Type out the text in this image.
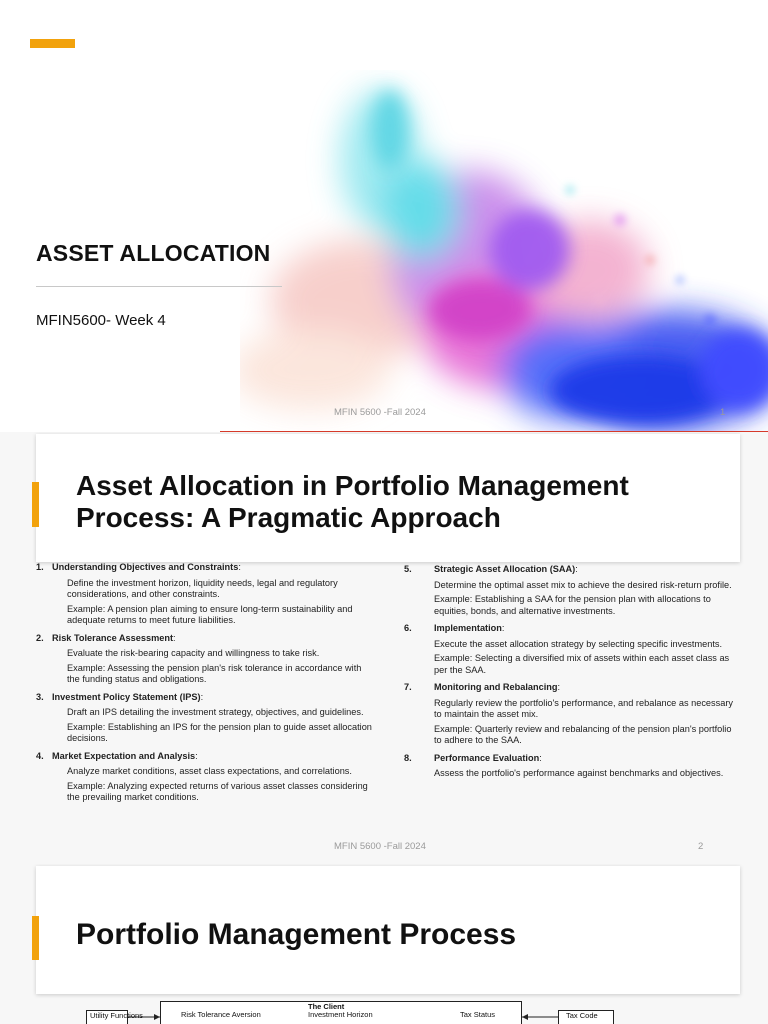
ASSET ALLOCATION
MFIN5600- Week 4
MFIN 5600 -Fall 2024	1
Asset Allocation in Portfolio Management Process: A Pragmatic Approach
1. Understanding Objectives and Constraints :

Define the investment horizon, liquidity needs, legal and regulatory considerations, and other constraints.

Example: A pension plan aiming to ensure long-term sustainability and adequate returns to meet future liabilities.

2. Risk Tolerance Assessment :

Evaluate the risk-bearing capacity and willingness to take risk.

Example: Assessing the pension plan's risk tolerance in accordance with the funding status and obligations.

3. Investment Policy Statement (IPS) :

Draft an IPS detailing the investment strategy, objectives, and guidelines.

Example: Establishing an IPS for the pension plan to guide asset allocation decisions.

4. Market Expectation and Analysis :

Analyze market conditions, asset class expectations, and correlations.

Example: Analyzing expected returns of various asset classes considering the prevailing market conditions.

5.	Strategic Asset Allocation (SAA) :

Determine the optimal asset mix to achieve the desired risk-return profile.

Example: Establishing a SAA for the pension plan with allocations to equities, bonds, and alternative investments.

6.	Implementation :

Execute the asset allocation strategy by selecting specific investments.

Example: Selecting a diversified mix of assets within each asset class as per the SAA.

7.	Monitoring and Rebalancing :

Regularly review the portfolio's performance, and rebalance as necessary to maintain the asset mix.

Example: Quarterly review and rebalancing of the pension plan's portfolio to adhere to the SAA.

8.	Performance Evaluation :

Assess the portfolio's performance against benchmarks and objectives.

MFIN 5600 -Fall 2024	2
Portfolio Management Process
Utility Functions
The Client
Risk Tolerance Aversion	Investment Horizon	Tax Status	Tax Code
